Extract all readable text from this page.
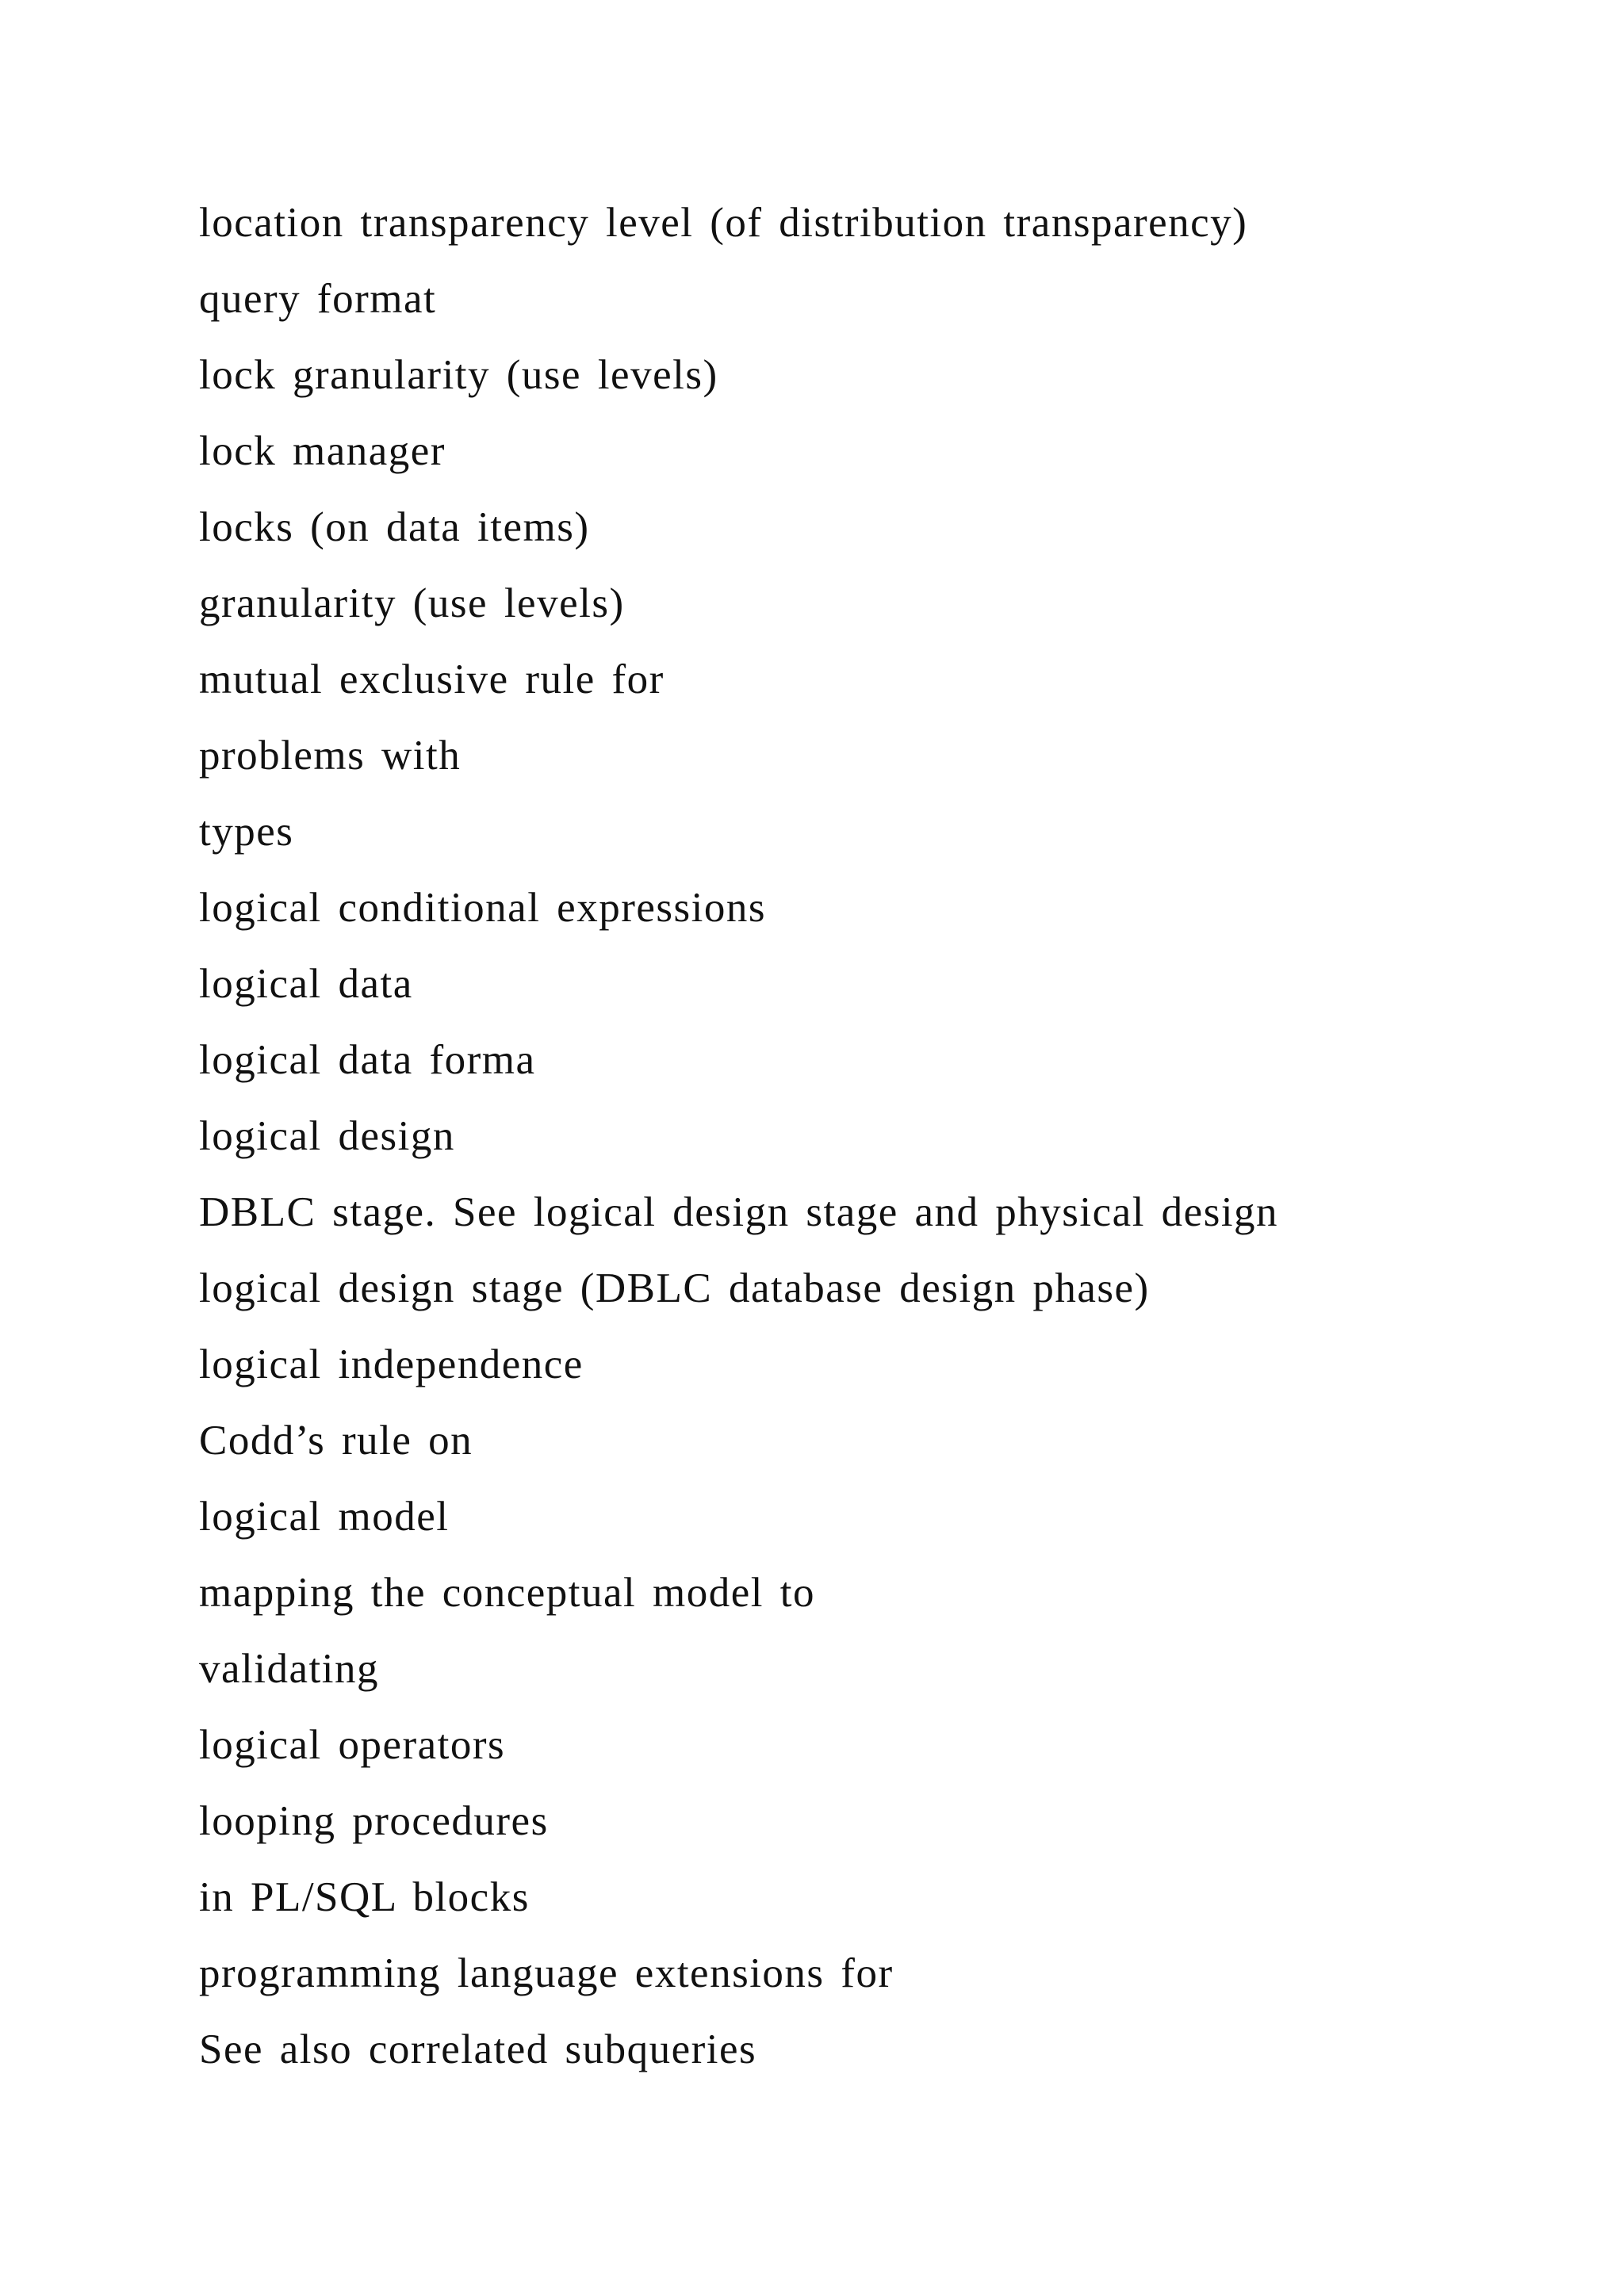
location transparency level (of distribution transparency)
query format
lock granularity (use levels)
lock manager
locks (on data items)
granularity (use levels)
mutual exclusive rule for
problems with
types
logical conditional expressions
logical data
logical data forma
logical design
DBLC stage. See logical design stage and physical design
logical design stage (DBLC database design phase)
logical independence
Codd’s rule on
logical model
mapping the conceptual model to
validating
logical operators
looping procedures
in PL/SQL blocks
programming language extensions for
See also correlated subqueries
